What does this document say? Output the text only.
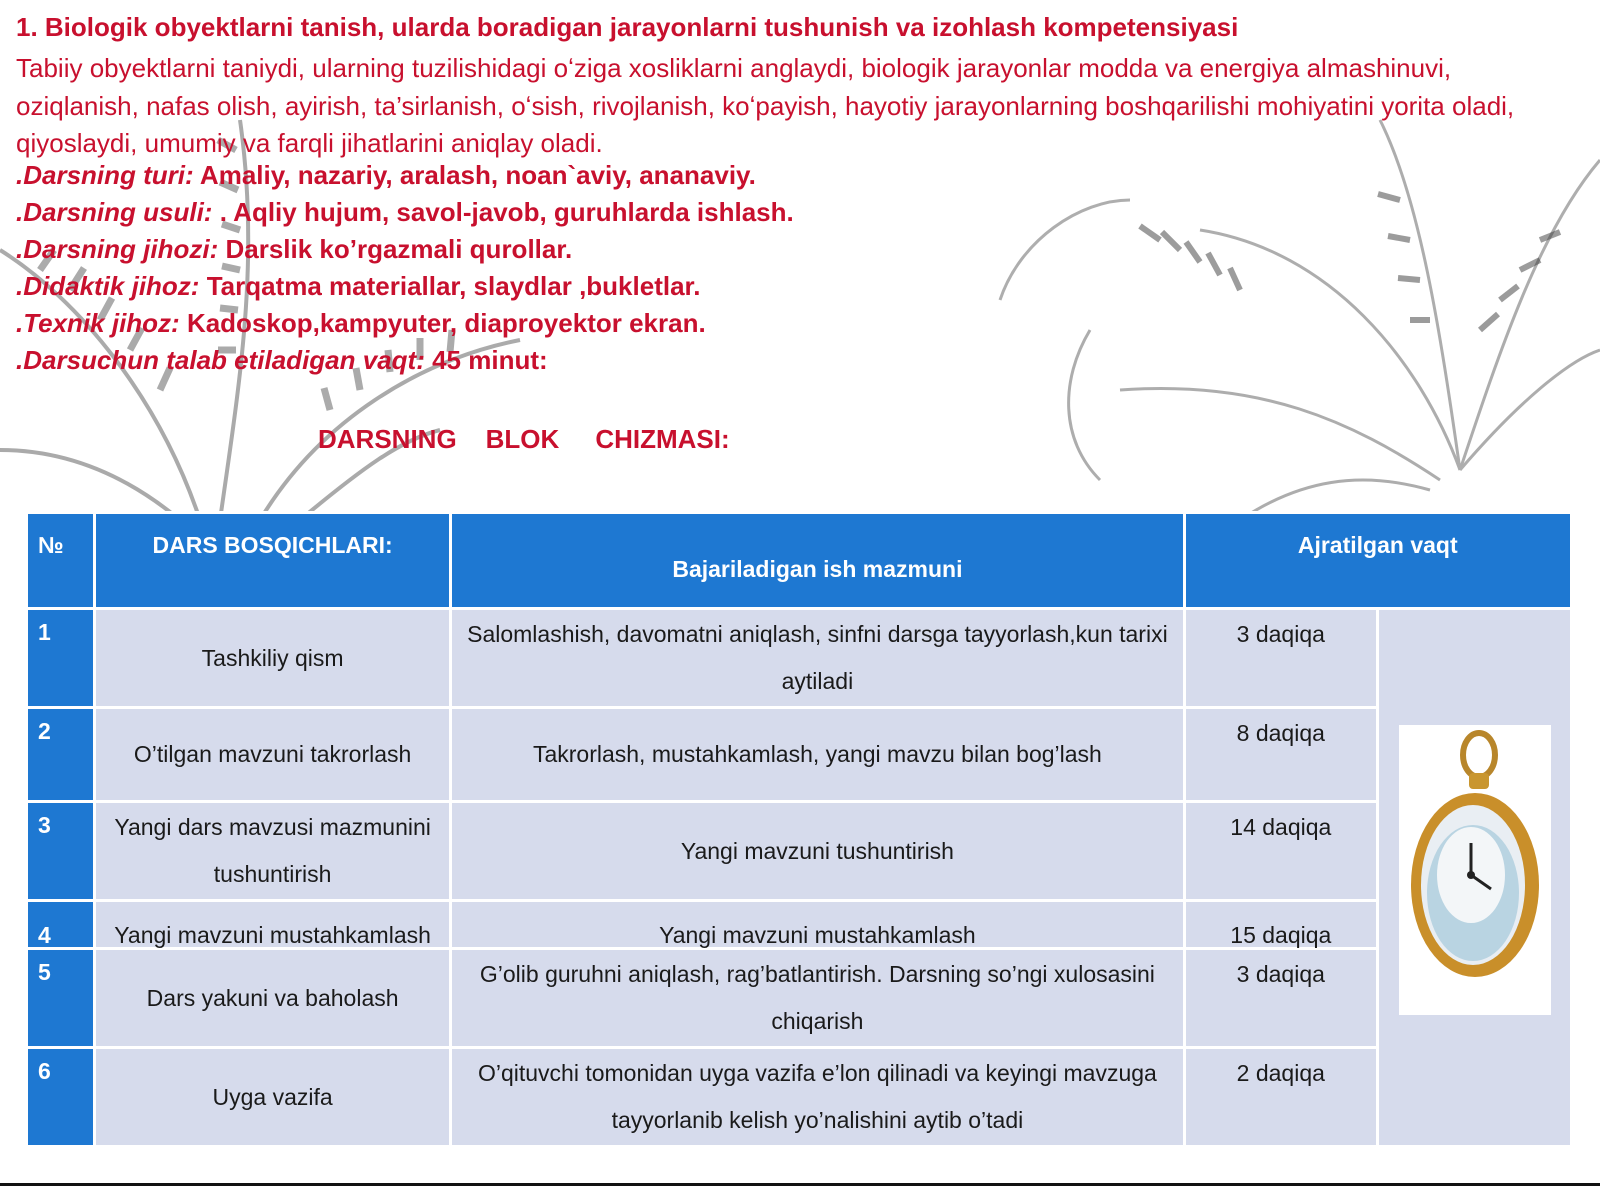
1. Biologik obyektlarni tanish, ularda boradigan jarayonlarni tushunish va izohlash kompetensiyasi
Tabiiy obyektlarni taniydi, ularning tuzilishidagi oʻziga xosliklarni anglaydi, biologik jarayonlar modda va energiya almashinuvi, oziqlanish, nafas olish, ayirish, ta’sirlanish, oʻsish, rivojlanish, koʻpayish, hayotiy jarayonlarning boshqarilishi mohiyatini yorita oladi, qiyoslaydi, umumiy va farqli jihatlarini aniqlay oladi.
.Darsning turi: Amaliy, nazariy, aralash, noan`aviy, ananaviy.
.Darsning usuli: . Aqliy hujum, savol-javob, guruhlarda ishlash.
.Darsning jihozi: Darslik ko’rgazmali qurollar.
.Didaktik jihoz: Tarqatma materiallar, slaydlar ,bukletlar.
.Texnik jihoz: Kadoskop,kampyuter, diaproyektor ekran.
.Darsuchun talab etiladigan vaqt: 45 minut:
DARSNING    BLOK     CHIZMASI:
№	DARS BOSQICHLARI:	Bajariladigan ish mazmuni	Ajratilgan vaqt	
1	Tashkiliy qism	Salomlashish, davomatni aniqlash, sinfni darsga tayyorlash,kun tarixi aytiladi	3 daqiqa	
2	O’tilgan mavzuni takrorlash	Takrorlash, mustahkamlash, yangi mavzu bilan bog’lash	8 daqiqa	
3	Yangi dars mavzusi mazmunini tushuntirish	Yangi mavzuni tushuntirish	14 daqiqa	
4	Yangi mavzuni mustahkamlash	Yangi mavzuni mustahkamlash	15 daqiqa	
5	Dars yakuni va baholash	G’olib guruhni aniqlash, rag’batlantirish. Darsning so’ngi xulosasini chiqarish	3 daqiqa	
6	Uyga vazifa	O’qituvchi tomonidan uyga vazifa e’lon qilinadi va keyingi mavzuga tayyorlanib kelish yo’nalishini aytib o’tadi	2 daqiqa	
